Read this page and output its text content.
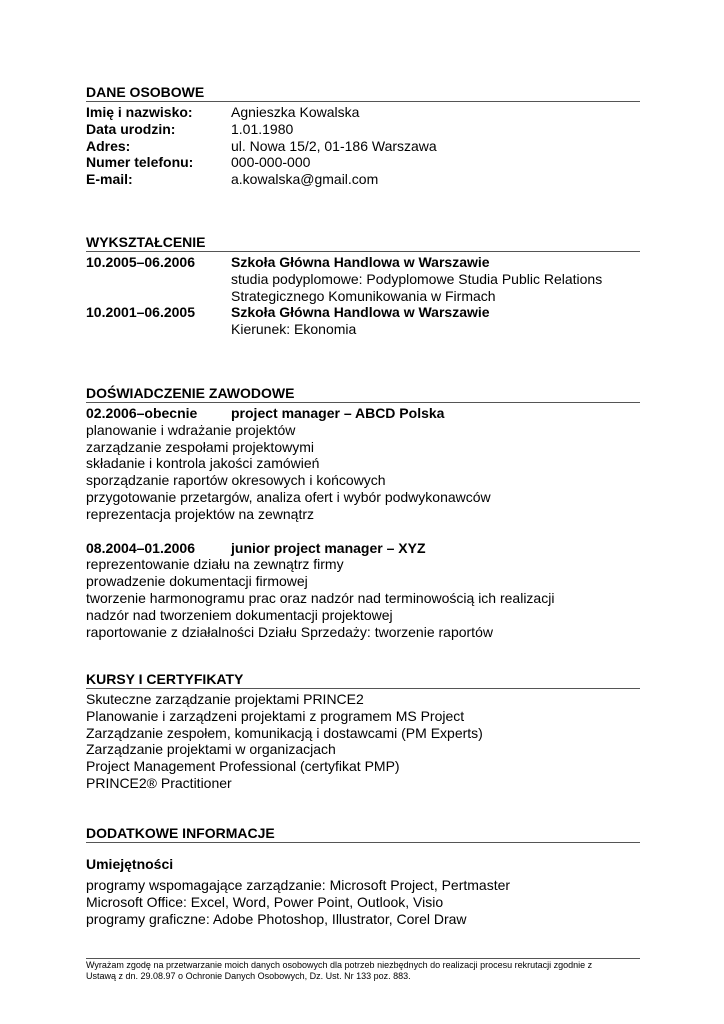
DANE OSOBOWE
Imię i nazwisko:	Agnieszka Kowalska
Data urodzin:	1.01.1980
Adres:	ul. Nowa 15/2, 01-186 Warszawa
Numer telefonu:	000-000-000
E-mail:	a.kowalska@gmail.com
WYKSZTAŁCENIE
10.2005–06.2006	Szkoła Główna Handlowa w Warszawie
studia podyplomowe: Podyplomowe Studia Public Relations
Strategicznego Komunikowania w Firmach
10.2001–06.2005	Szkoła Główna Handlowa w Warszawie
Kierunek: Ekonomia
DOŚWIADCZENIE ZAWODOWE
02.2006–obecnie	project manager – ABCD Polska
planowanie i wdrażanie projektów
zarządzanie zespołami projektowymi
składanie i kontrola jakości zamówień
sporządzanie raportów okresowych i końcowych
przygotowanie przetargów, analiza ofert i wybór podwykonawców
reprezentacja projektów na zewnątrz
08.2004–01.2006	junior project manager – XYZ
reprezentowanie działu na zewnątrz firmy
prowadzenie dokumentacji firmowej
tworzenie harmonogramu prac oraz nadzór nad terminowością ich realizacji
nadzór nad tworzeniem dokumentacji projektowej
raportowanie z działalności Działu Sprzedaży: tworzenie raportów
KURSY I CERTYFIKATY
Skuteczne zarządzanie projektami PRINCE2
Planowanie i zarządzeni projektami z programem MS Project
Zarządzanie zespołem, komunikacją i dostawcami (PM Experts)
Zarządzanie projektami w organizacjach
Project Management Professional (certyfikat PMP)
PRINCE2® Practitioner
DODATKOWE INFORMACJE
Umiejętności
programy wspomagające zarządzanie: Microsoft Project, Pertmaster
Microsoft Office: Excel, Word, Power Point, Outlook, Visio
programy graficzne: Adobe Photoshop, Illustrator, Corel Draw
Wyrażam zgodę na przetwarzanie moich danych osobowych dla potrzeb niezbędnych do realizacji procesu rekrutacji zgodnie z
Ustawą z dn. 29.08.97 o Ochronie Danych Osobowych, Dz. Ust. Nr 133 poz. 883.
